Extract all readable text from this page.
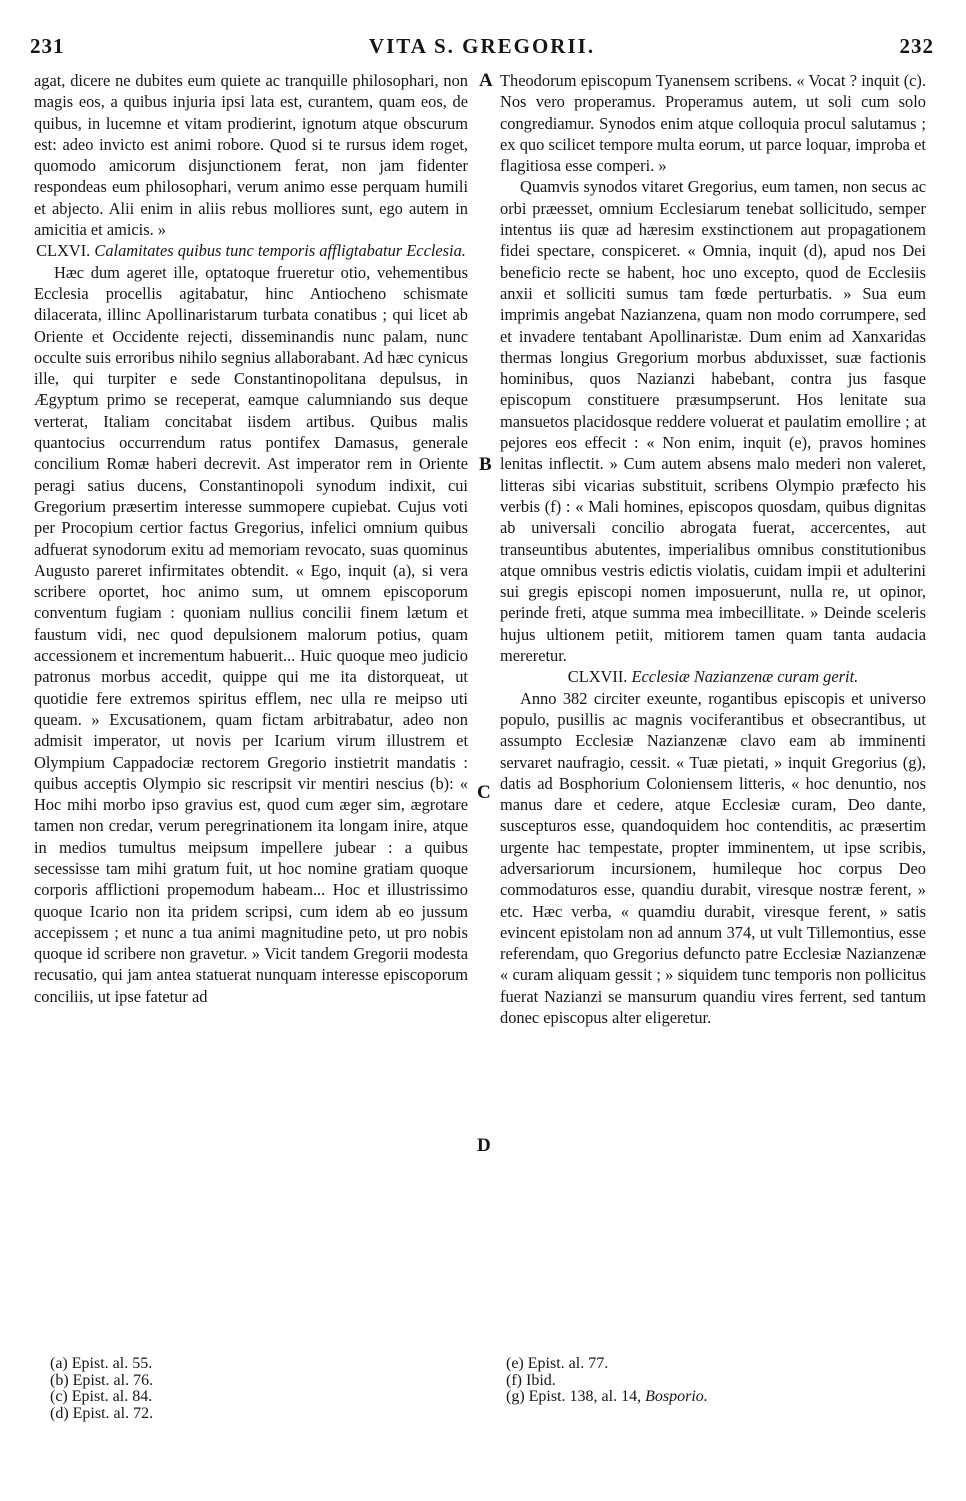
231	VITA S. GREGORII.	232

agat, dicere ne dubites eum quiete ac tranquille philosophari, non magis eos, a quibus injuria ipsi lata est, curantem, quam eos, de quibus, in lucemne et vitam prodierint, ignotum atque obscurum est: adeo invicto est animi robore. Quod si te rursus idem roget, quomodo amicorum disjunctionem ferat, non jam fidenter respondeas eum philosophari, verum animo esse perquam humili et abjecto. Alii enim in aliis rebus molliores sunt, ego autem in amicitia et amicis. »

CLXVI. Calamitates quibus tunc temporis affligtabatur Ecclesia.

Hæc dum ageret ille, optatoque frueretur otio, vehementibus Ecclesia procellis agitabatur, hinc Antiocheno schismate dilacerata, illinc Apollinaristarum turbata conatibus ; qui licet ab Oriente et Occidente rejecti, disseminandis nunc palam, nunc occulte suis erroribus nihilo segnius allaborabant. Ad hæc cynicus ille, qui turpiter e sede Constantinopolitana depulsus, in Ægyptum primo se receperat, eamque calumniando sus deque verterat, Italiam concitabat iisdem artibus. Quibus malis quantocius occurrendum ratus pontifex Damasus, generale concilium Romæ haberi decrevit. Ast imperator rem in Oriente peragi satius ducens, Constantinopoli synodum indixit, cui Gregorium præsertim interesse summopere cupiebat. Cujus voti per Procopium certior factus Gregorius, infelici omnium quibus adfuerat synodorum exitu ad memoriam revocato, suas quominus Augusto pareret infirmitates obtendit. « Ego, inquit (a), si vera scribere oportet, hoc animo sum, ut omnem episcoporum conventum fugiam : quoniam nullius concilii finem lætum et faustum vidi, nec quod depulsionem malorum potius, quam accessionem et incrementum habuerit... Huic quoque meo judicio patronus morbus accedit, quippe qui me ita distorqueat, ut quotidie fere extremos spiritus efflem, nec ulla re meipso uti queam. » Excusationem, quam fictam arbitrabatur, adeo non admisit imperator, ut novis per Icarium virum illustrem et Olympium Cappadociæ rectorem Gregorio instietrit mandatis : quibus acceptis Olympio sic rescripsit vir mentiri nescius (b): « Hoc mihi morbo ipso gravius est, quod cum æger sim, ægrotare tamen non credar, verum peregrinationem ita longam inire, atque in medios tumultus meipsum impellere jubear : a quibus secessisse tam mihi gratum fuit, ut hoc nomine gratiam quoque corporis afflictioni propemodum habeam... Hoc et illustrissimo quoque Icario non ita pridem scripsi, cum idem ab eo jussum accepissem ; et nunc a tua animi magnitudine peto, ut pro nobis quoque id scribere non gravetur. » Vicit tandem Gregorii modesta recusatio, qui jam antea statuerat nunquam interesse episcoporum conciliis, ut ipse fatetur ad

Theodorum episcopum Tyanensem scribens. « Vocat ? inquit (c). Nos vero properamus. Properamus autem, ut soli cum solo congrediamur. Synodos enim atque colloquia procul salutamus ; ex quo scilicet tempore multa eorum, ut parce loquar, improba et flagitiosa esse comperi. »

Quamvis synodos vitaret Gregorius, eum tamen, non secus ac orbi præesset, omnium Ecclesiarum tenebat sollicitudo, semper intentus iis quæ ad hæresim exstinctionem aut propagationem fidei spectare, conspiceret. « Omnia, inquit (d), apud nos Dei beneficio recte se habent, hoc uno excepto, quod de Ecclesiis anxii et solliciti sumus tam fœde perturbatis. » Sua eum imprimis angebat Nazianzena, quam non modo corrumpere, sed et invadere tentabant Apollinaristæ. Dum enim ad Xanxaridas thermas longius Gregorium morbus abduxisset, suæ factionis hominibus, quos Nazianzi habebant, contra jus fasque episcopum constituere præsumpserunt. Hos lenitate sua mansuetos placidosque reddere voluerat et paulatim emollire ; at pejores eos effecit : « Non enim, inquit (e), pravos homines lenitas inflectit. » Cum autem absens malo mederi non valeret, litteras sibi vicarias substituit, scribens Olympio præfecto his verbis (f) : « Mali homines, episcopos quosdam, quibus dignitas ab universali concilio abrogata fuerat, accercentes, aut transeuntibus abutentes, imperialibus omnibus constitutionibus atque omnibus vestris edictis violatis, cuidam impii et adulterini sui gregis episcopi nomen imposuerunt, nulla re, ut opinor, perinde freti, atque summa mea imbecillitate. » Deinde sceleris hujus ultionem petiit, mitiorem tamen quam tanta audacia mereretur.

CLXVII. Ecclesiæ Nazianzenæ curam gerit.

Anno 382 circiter exeunte, rogantibus episcopis et universo populo, pusillis ac magnis vociferantibus et obsecrantibus, ut assumpto Ecclesiæ Nazianzenæ clavo eam ab imminenti servaret naufragio, cessit. « Tuæ pietati, » inquit Gregorius (g), datis ad Bosphorium Coloniensem litteris, « hoc denuntio, nos manus dare et cedere, atque Ecclesiæ curam, Deo dante, suscepturos esse, quandoquidem hoc contenditis, ac præsertim urgente hac tempestate, propter imminentem, ut ipse scribis, adversariorum incursionem, humileque hoc corpus Deo commodaturos esse, quandiu durabit, viresque nostræ ferent, » etc. Hæc verba, « quamdiu durabit, viresque ferent, » satis evincent epistolam non ad annum 374, ut vult Tillemontius, esse referendam, quo Gregorius defuncto patre Ecclesiæ Nazianzenæ « curam aliquam gessit ; » siquidem tunc temporis non pollicitus fuerat Nazianzi se mansurum quandiu vires ferrent, sed tantum donec episcopus alter eligeretur.

A
B
C
D

(a) Epist. al. 55.

(b) Epist. al. 76.

(c) Epist. al. 84.

(d) Epist. al. 72.

(e) Epist. al. 77.

(f) Ibid.

(g) Epist. 138, al. 14, Bosporio.
